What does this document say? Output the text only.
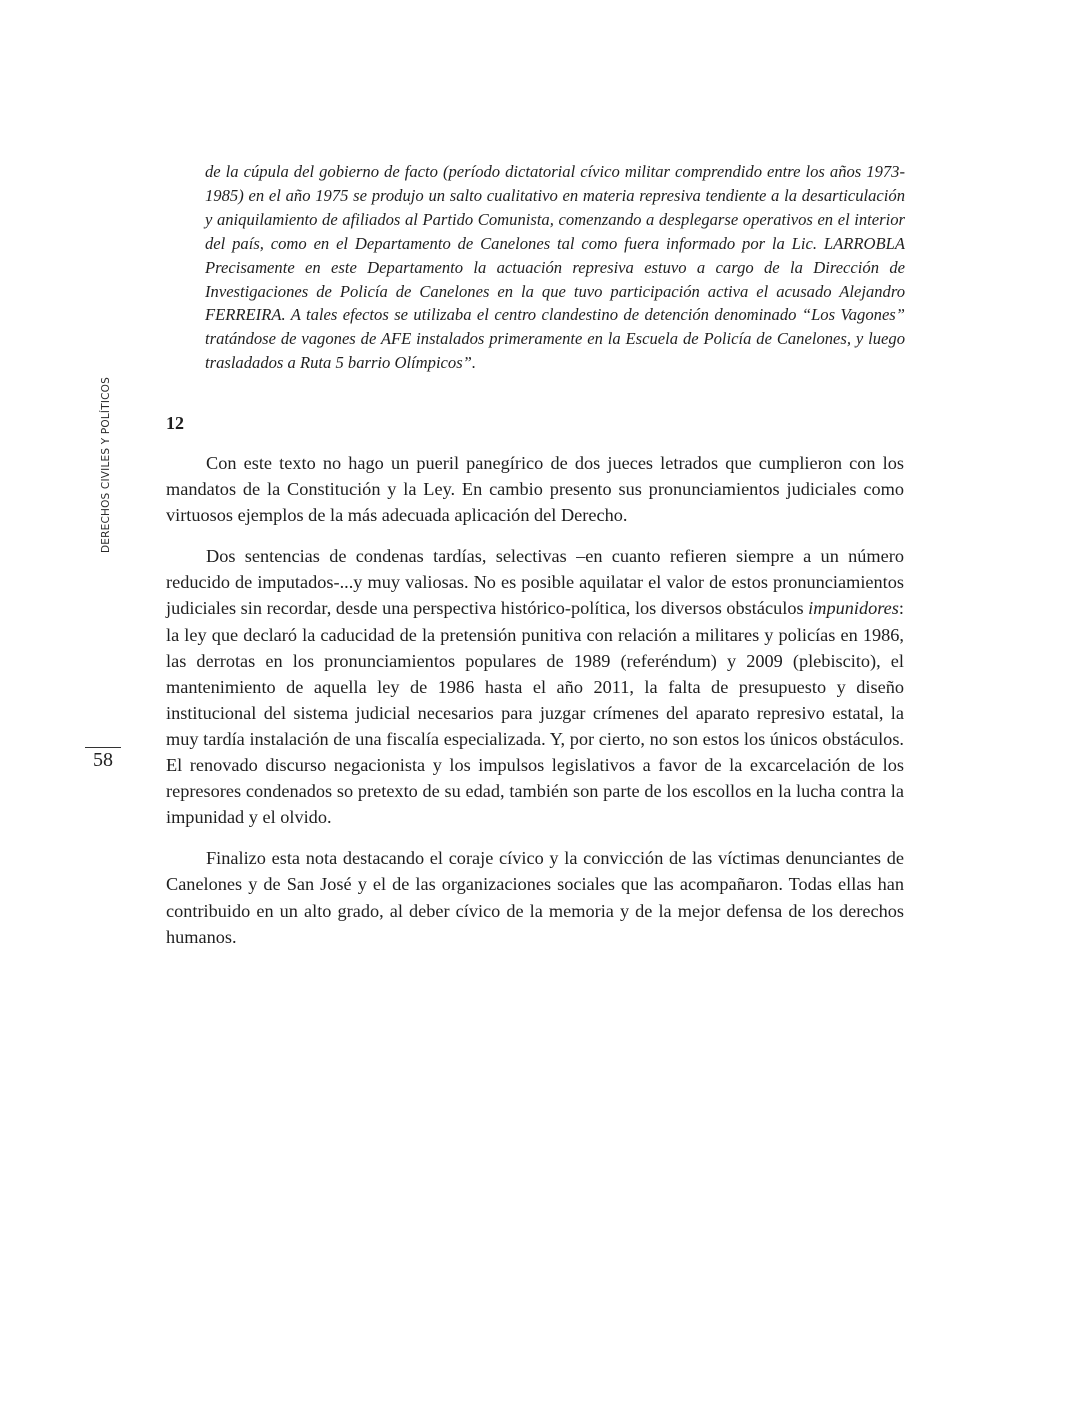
DERECHOS CIVILES Y POLÍTICOS
58

de la cúpula del gobierno de facto (período dictatorial cívico militar comprendido entre los años 1973-1985) en el año 1975 se produjo un salto cualitativo en materia represiva tendiente a la desarticulación y aniquilamiento de afiliados al Partido Comunista, comenzando a desplegarse operativos en el interior del país, como en el Departamento de Canelones tal como fuera informado por la Lic. LARROBLA Precisamente en este Departamento la actuación represiva estuvo a cargo de la Dirección de Investigaciones de Policía de Canelones en la que tuvo participación activa el acusado Alejandro FERREIRA. A tales efectos se utilizaba el centro clandestino de detención denominado “Los Vagones” tratándose de vagones de AFE instalados primeramente en la Escuela de Policía de Canelones, y luego trasladados a Ruta 5 barrio Olímpicos”.

12

Con este texto no hago un pueril panegírico de dos jueces letrados que cumplieron con los mandatos de la Constitución y la Ley. En cambio presento sus pronunciamientos judiciales como virtuosos ejemplos de la más adecuada aplicación del Derecho.

Dos sentencias de condenas tardías, selectivas –en cuanto refieren siempre a un número reducido de imputados-...y muy valiosas. No es posible aquilatar el valor de estos pronunciamientos judiciales sin recordar, desde una perspectiva histórico-política, los diversos obstáculos impunidores: la ley que declaró la caducidad de la pretensión punitiva con relación a militares y policías en 1986, las derrotas en los pronunciamientos populares de 1989 (referéndum) y 2009 (plebiscito), el mantenimiento de aquella ley de 1986 hasta el año 2011, la falta de presupuesto y diseño institucional del sistema judicial necesarios para juzgar crímenes del aparato represivo estatal, la muy tardía instalación de una fiscalía especializada. Y, por cierto, no son estos los únicos obstáculos. El renovado discurso negacionista y los impulsos legislativos a favor de la excarcelación de los represores condenados so pretexto de su edad, también son parte de los escollos en la lucha contra la impunidad y el olvido.

Finalizo esta nota destacando el coraje cívico y la convicción de las víctimas denunciantes de Canelones y de San José y el de las organizaciones sociales que las acompañaron. Todas ellas han contribuido en un alto grado, al deber cívico de la memoria y de la mejor defensa de los derechos humanos.
